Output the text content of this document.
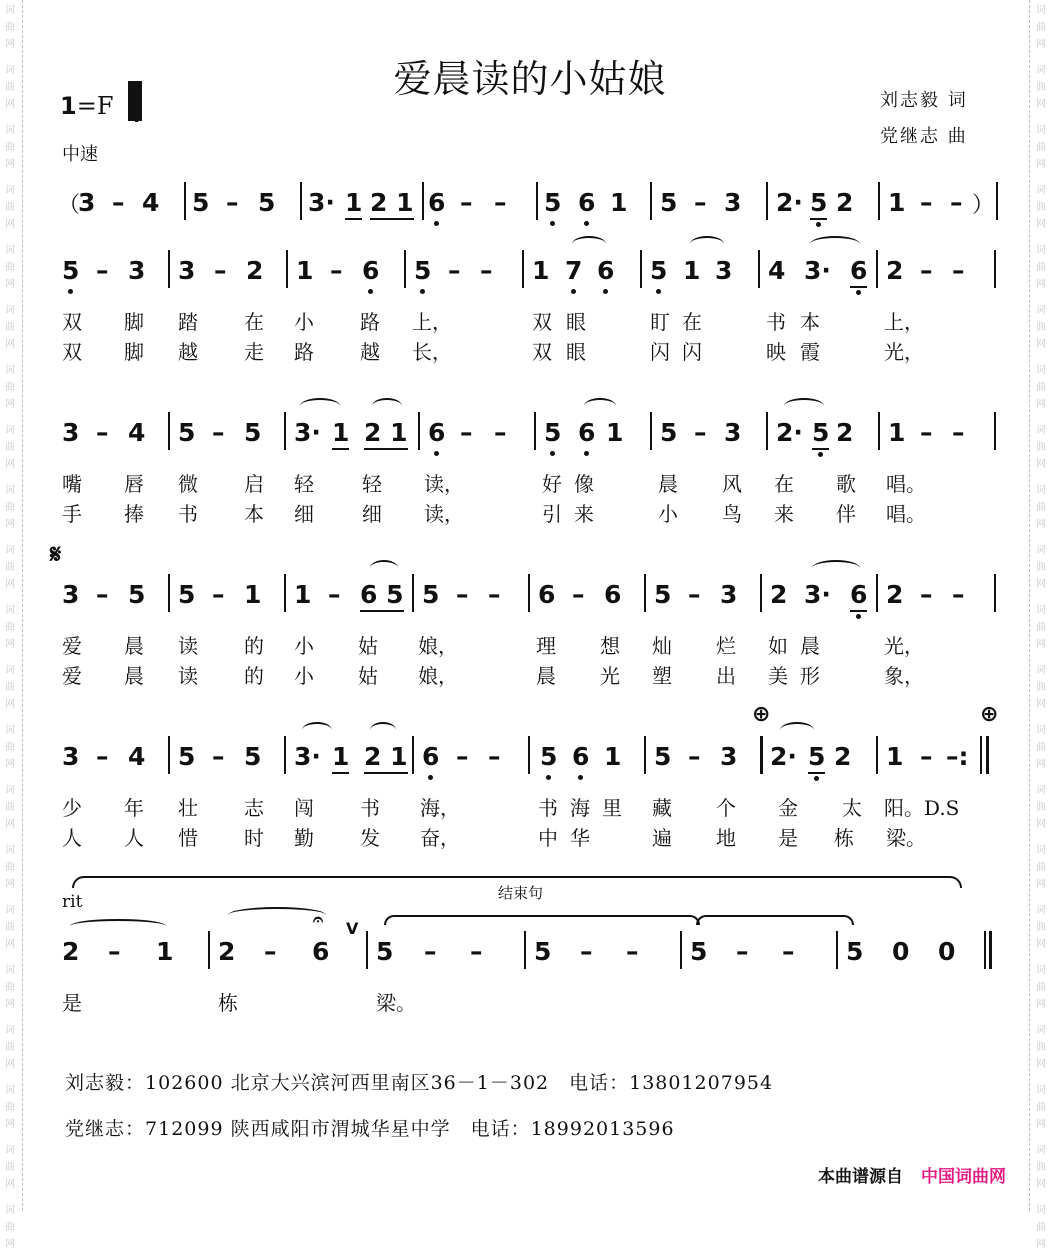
词
曲
网
词
曲
网
词
曲
网
词
曲
网
词
曲
网
词
曲
网
词
曲
网
词
曲
网
词
曲
网
词
曲
网
词
曲
网
词
曲
网
词
曲
网
词
曲
网
词
曲
网
词
曲
网
词
曲
网
词
曲
网
词
曲
网
词
曲
网
词
曲
网
词
曲
网
词
曲
网
词
曲
网
词
曲
网
词
曲
网
词
曲
网
词
曲
网
词
曲
网
词
曲
网
词
曲
网
词
曲
网
词
曲
网
词
曲
网
词
曲
网
词
曲
网
词
曲
网
词
曲
网
词
曲
网
词
曲
网
词
曲
网
词
曲
网
爱晨读的小姑娘
1=F
中速
刘志毅 词
党继志 曲
（
3 – 4 5 – 5 3· 1 2 1 6 – – 5 6 1 5 – 3 2· 5 2 1 – – ）
5 – 3 3 – 2 1 – 6 5 – – 1 7 6 5 1 3 4 3· 6 2 – –
双 脚 踏 在 小 路 上，	双 眼	盯 在	书 本	上，
双 脚 越 走 路 越 长，	双 眼	闪 闪	映 霞	光，
3 – 4 5 – 5 3· 1 2 1 6 – – 5 6 1 5 – 3 2· 5 2 1 – –
嘴 唇 微 启 轻 轻 读，	好 像	晨 风 在 歌 唱。
手 捧 书 本 细 细 读，	引 来	小 鸟 来 伴 唱。
𝄋
3 – 5 5 – 1 1 – 6 5 5 – – 6 – 6 5 – 3 2 3· 6 2 – –
爱 晨 读 的 小 姑 娘，	理 想 灿 烂 如 晨	光，
爱 晨 读 的 小 姑 娘，	晨 光 塑 出 美 形	象，
⊕	⊕
3 – 4 5 – 5 3· 1 2 1 6 – – 5 6 1 5 – 3 2· 5 2 1 – –:
少 年 壮 志 闯 书 海，	书 海 里 藏 个 金 太 阳。D.S
人 人 惜 时 勤 发 奋，	中 华	遍 地 是 栋 梁。
结束句
rit
2 – 1 2 – 6
𝄐 V
5 – – 5 – – 5 – – 5 0 0
是	栋	梁。
刘志毅：102600 北京大兴滨河西里南区36－1－302　电话：13801207954
党继志：712099 陕西咸阳市渭城华星中学　电话：18992013596
本曲谱源自 中国词曲网
